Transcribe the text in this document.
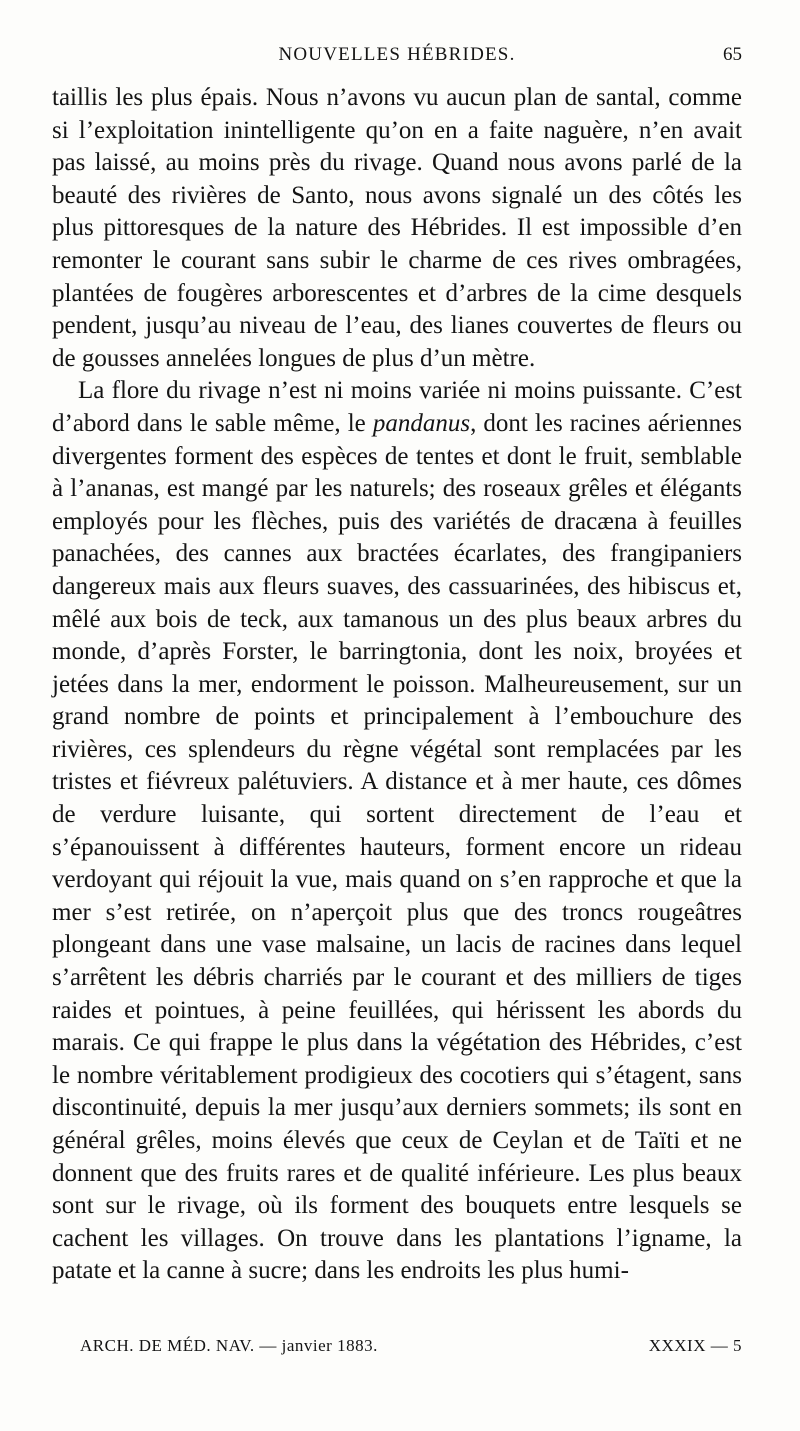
NOUVELLES HÉBRIDES.	65

taillis les plus épais. Nous n’avons vu aucun plan de santal, comme si l’exploitation inintelligente qu’on en a faite naguère, n’en avait pas laissé, au moins près du rivage. Quand nous avons parlé de la beauté des rivières de Santo, nous avons signalé un des côtés les plus pittoresques de la nature des Hébrides. Il est impossible d’en remonter le courant sans subir le charme de ces rives ombragées, plantées de fougères arborescentes et d’arbres de la cime desquels pendent, jusqu’au niveau de l’eau, des lianes couvertes de fleurs ou de gousses annelées longues de plus d’un mètre.

La flore du rivage n’est ni moins variée ni moins puissante. C’est d’abord dans le sable même, le pandanus, dont les racines aériennes divergentes forment des espèces de tentes et dont le fruit, semblable à l’ananas, est mangé par les naturels; des roseaux grêles et élégants employés pour les flèches, puis des variétés de dracæna à feuilles panachées, des cannes aux bractées écarlates, des frangipaniers dangereux mais aux fleurs suaves, des cassuarinées, des hibiscus et, mêlé aux bois de teck, aux tamanous un des plus beaux arbres du monde, d’après Forster, le barringtonia, dont les noix, broyées et jetées dans la mer, endorment le poisson. Malheureusement, sur un grand nombre de points et principalement à l’embouchure des rivières, ces splendeurs du règne végétal sont remplacées par les tristes et fiévreux palétuviers. A distance et à mer haute, ces dômes de verdure luisante, qui sortent directement de l’eau et s’épanouissent à différentes hauteurs, forment encore un rideau verdoyant qui réjouit la vue, mais quand on s’en rapproche et que la mer s’est retirée, on n’aperçoit plus que des troncs rougeâtres plongeant dans une vase malsaine, un lacis de racines dans lequel s’arrêtent les débris charriés par le courant et des milliers de tiges raides et pointues, à peine feuillées, qui hérissent les abords du marais. Ce qui frappe le plus dans la végétation des Hébrides, c’est le nombre véritablement prodigieux des cocotiers qui s’étagent, sans discontinuité, depuis la mer jusqu’aux derniers sommets; ils sont en général grêles, moins élevés que ceux de Ceylan et de Taïti et ne donnent que des fruits rares et de qualité inférieure. Les plus beaux sont sur le rivage, où ils forment des bouquets entre lesquels se cachent les villages. On trouve dans les plantations l’igname, la patate et la canne à sucre; dans les endroits les plus humi-

ARCH. DE MÉD. NAV. — janvier 1883.	XXXIX — 5
